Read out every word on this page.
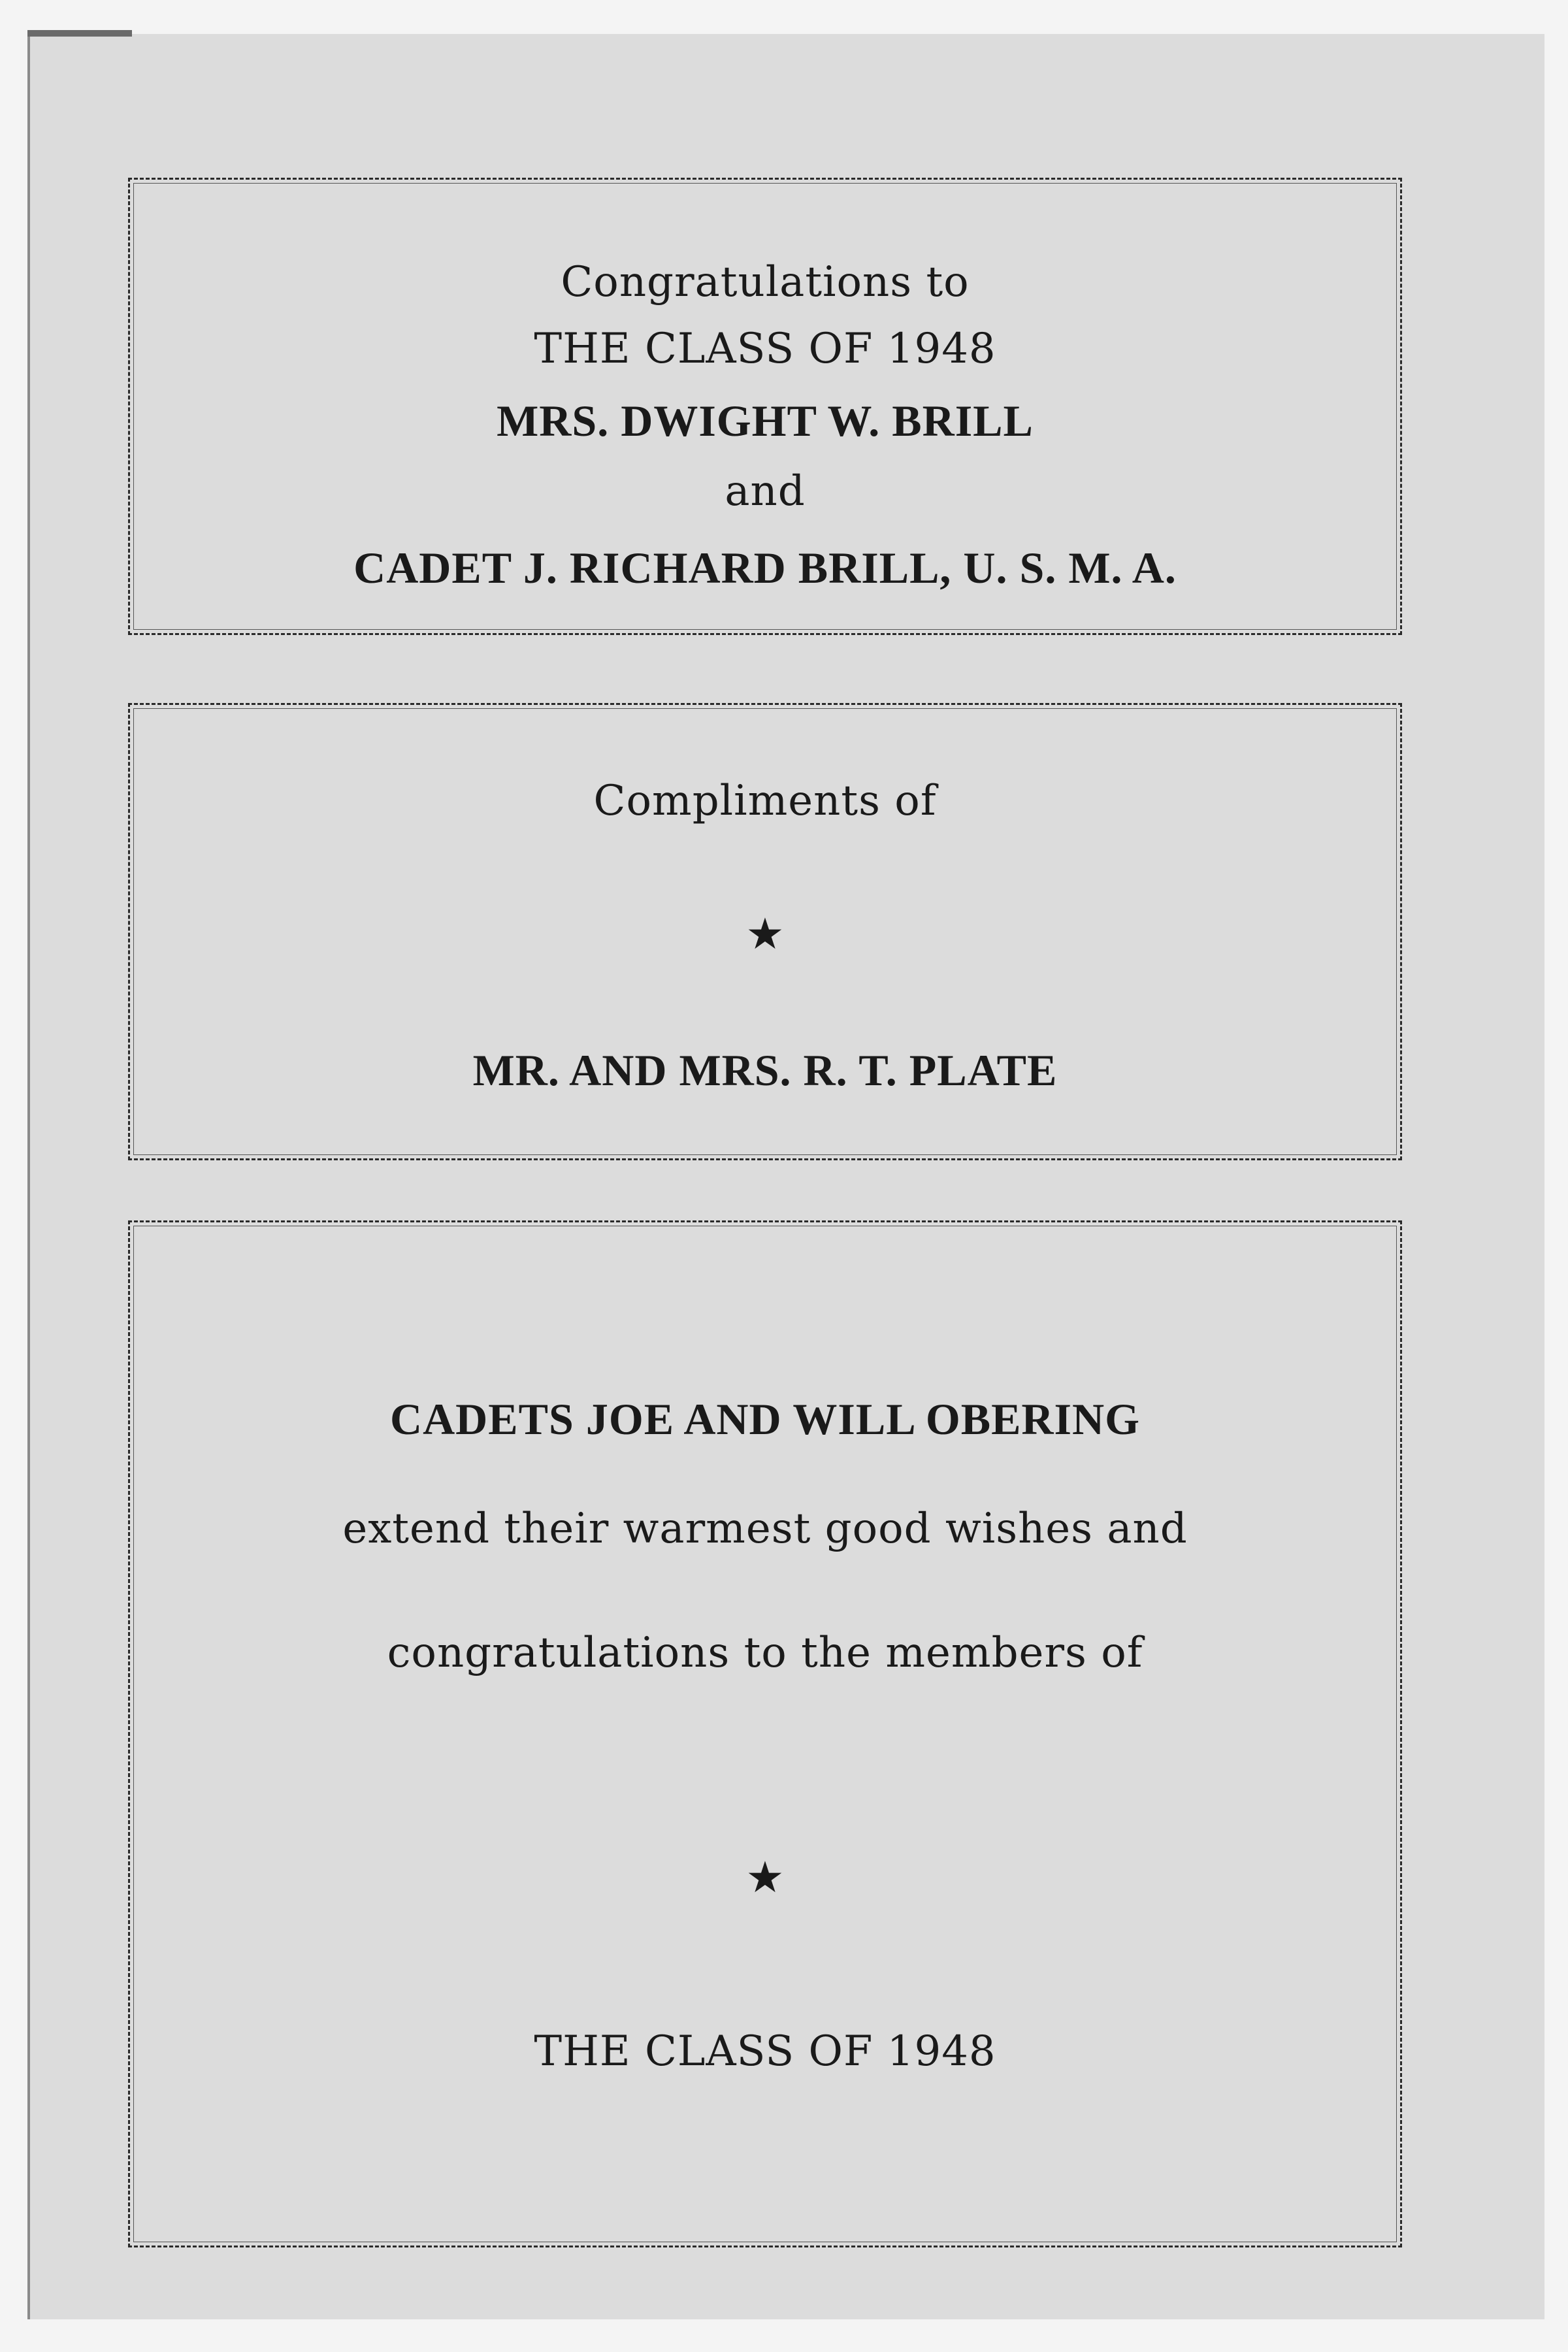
Congratulations to
THE CLASS OF 1948
MRS. DWIGHT W. BRILL
and
CADET J. RICHARD BRILL, U. S. M. A.
Compliments of
★
MR. AND MRS. R. T. PLATE
CADETS JOE AND WILL OBERING
extend their warmest good wishes and
congratulations to the members of
★
THE CLASS OF 1948
